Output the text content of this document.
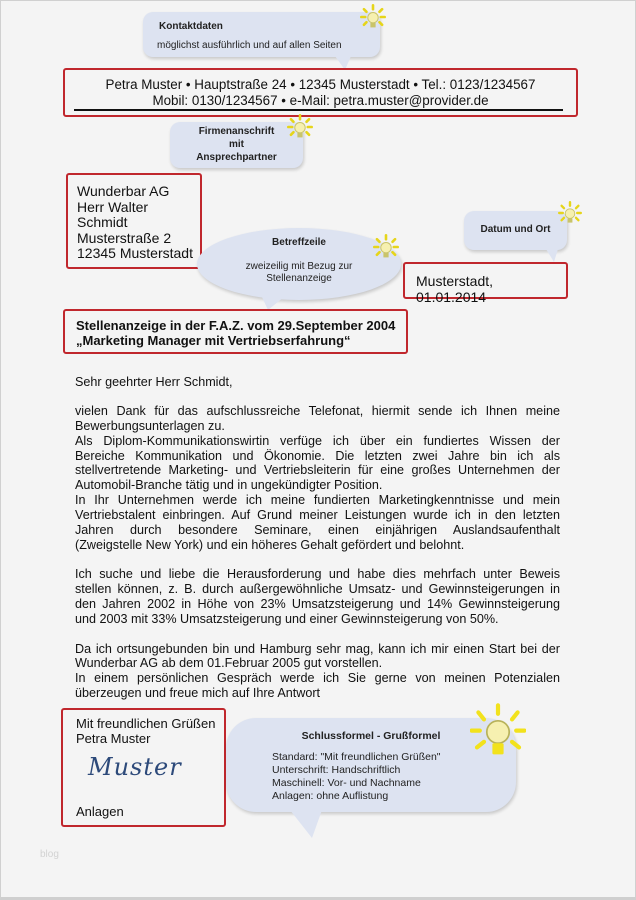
Kontaktdaten
möglichst ausführlich und auf allen Seiten
Petra Muster • Hauptstraße 24 • 12345 Musterstadt • Tel.: 0123/1234567
Mobil: 0130/1234567 • e-Mail: petra.muster@provider.de
Firmenanschrift
mit
Ansprechpartner
Wunderbar AG
Herr Walter Schmidt
Musterstraße 2
12345 Musterstadt
Datum und Ort
Betreffzeile
zweizeilig mit Bezug zur
Stellenanzeige	Musterstadt, 01.01.2014
Stellenanzeige in der F.A.Z. vom 29.September 2004
„Marketing Manager mit Vertriebserfahrung“
Sehr geehrter Herr Schmidt,
vielen Dank für das aufschlussreiche Telefonat, hiermit sende ich Ihnen meine
Bewerbungsunterlagen zu.
Als Diplom-Kommunikationswirtin verfüge ich über ein fundiertes Wissen der
Bereiche Kommunikation und Ökonomie. Die letzten zwei Jahre bin ich als
stellvertretende Marketing- und Vertriebsleiterin für eine großes Unternehmen der
Automobil-Branche tätig und in ungekündigter Position.
In Ihr Unternehmen werde ich meine fundierten Marketingkenntnisse und mein
Vertriebstalent einbringen. Auf Grund meiner Leistungen wurde ich in den letzten
Jahren durch besondere Seminare, einen einjährigen Auslandsaufenthalt
(Zweigstelle New York) und ein höheres Gehalt gefördert und belohnt.
Ich suche und liebe die Herausforderung und habe dies mehrfach unter Beweis
stellen können, z. B. durch außergewöhnliche Umsatz- und Gewinnsteigerungen in
den Jahren 2002 in Höhe von 23% Umsatzsteigerung und 14% Gewinnsteigerung
und 2003 mit 33% Umsatzsteigerung und einer Gewinnsteigerung von 50%.
Da ich ortsungebunden bin und Hamburg sehr mag, kann ich mir einen Start bei der
Wunderbar AG ab dem 01.Februar 2005 gut vorstellen.
In einem persönlichen Gespräch werde ich Sie gerne von meinen Potenzialen
überzeugen und freue mich auf Ihre Antwort
Mit freundlichen Grüßen
Petra Muster
Muster
Anlagen
Schlussformel - Grußformel
Standard: "Mit freundlichen Grüßen"
Unterschrift: Handschriftlich
Maschinell: Vor- und Nachname
Anlagen: ohne Auflistung
blog
